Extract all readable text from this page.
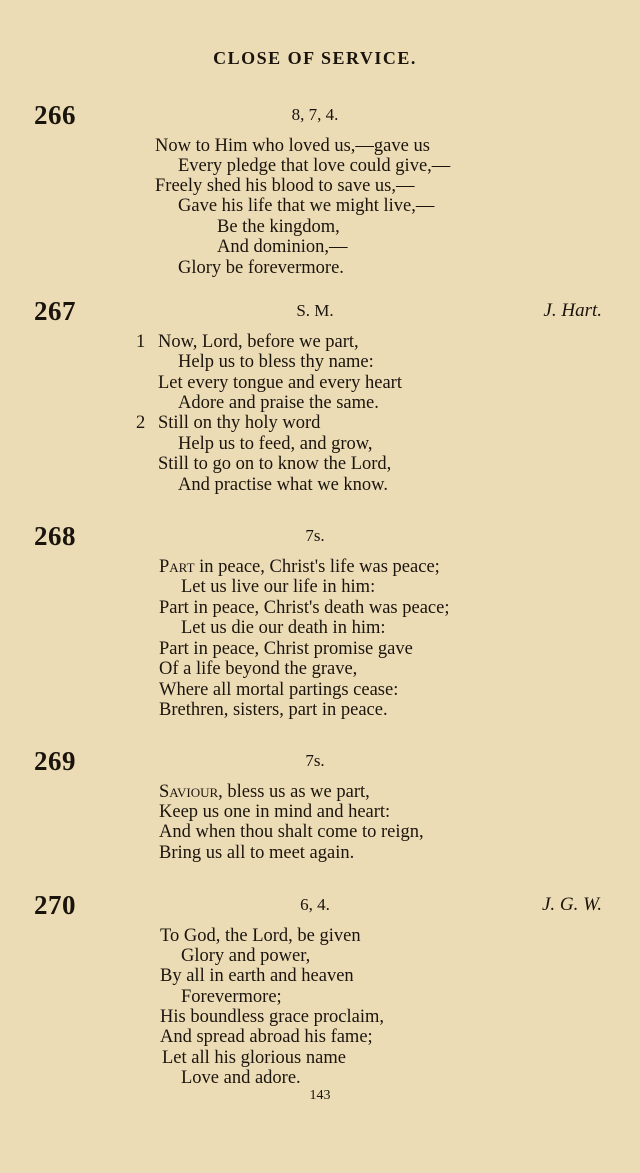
CLOSE OF SERVICE.
266	8, 7, 4.
Now to Him who loved us,—gave us
Every pledge that love could give,—
Freely shed his blood to save us,—
Gave his life that we might live,—
Be the kingdom,
And dominion,—
Glory be forevermore.
267	S. M.	J. Hart.
1 Now, Lord, before we part,
Help us to bless thy name:
Let every tongue and every heart
Adore and praise the same.
2 Still on thy holy word
Help us to feed, and grow,
Still to go on to know the Lord,
And practise what we know.
268	7s.
Part in peace, Christ's life was peace;
Let us live our life in him:
Part in peace, Christ's death was peace;
Let us die our death in him:
Part in peace, Christ promise gave
Of a life beyond the grave,
Where all mortal partings cease:
Brethren, sisters, part in peace.
269	7s.
Saviour, bless us as we part,
Keep us one in mind and heart:
And when thou shalt come to reign,
Bring us all to meet again.
270	6, 4.	J. G. W.
To God, the Lord, be given
Glory and power,
By all in earth and heaven
Forevermore;
His boundless grace proclaim,
And spread abroad his fame;
Let all his glorious name
Love and adore.
143
